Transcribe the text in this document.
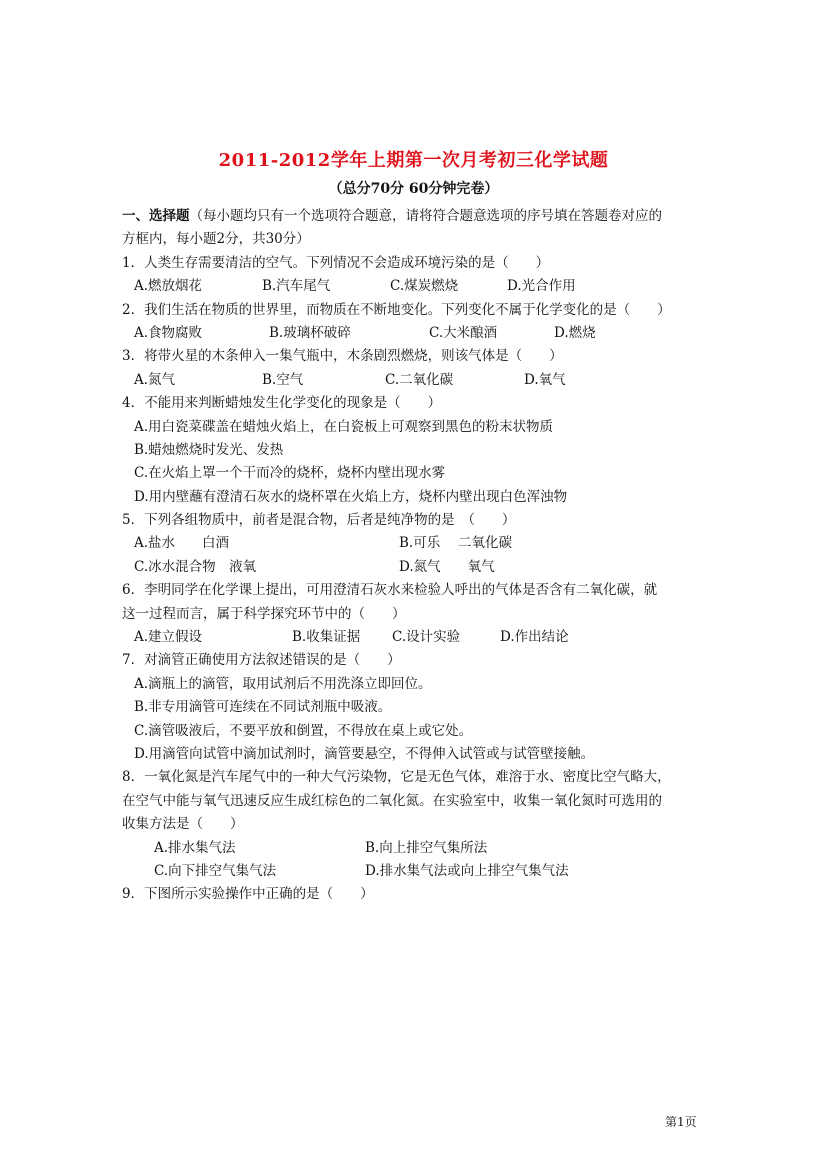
2011-2012学年上期第一次月考初三化学试题
（总分70分 60分钟完卷）
一、选择题（每小题均只有一个选项符合题意，请将符合题意选项的序号填在答题卷对应的
方框内，每小题2分，共30分）
1．人类生存需要清洁的空气。下列情况不会造成环境污染的是（　　）
A.燃放烟花	B.汽车尾气	C.煤炭燃烧	D.光合作用
2．我们生活在物质的世界里，而物质在不断地变化。下列变化不属于化学变化的是（　　）
A.食物腐败	B.玻璃杯破碎	C.大米酿酒	D.燃烧
3．将带火星的木条伸入一集气瓶中，木条剧烈燃烧，则该气体是（　　）
A.氮气	B.空气	C.二氧化碳	D.氧气
4．不能用来判断蜡烛发生化学变化的现象是（　　）
A.用白瓷菜碟盖在蜡烛火焰上，在白瓷板上可观察到黑色的粉末状物质
B.蜡烛燃烧时发光、发热
C.在火焰上罩一个干而冷的烧杯，烧杯内壁出现水雾
D.用内壁蘸有澄清石灰水的烧杯罩在火焰上方，烧杯内壁出现白色浑浊物
5．下列各组物质中，前者是混合物，后者是纯净物的是　（　　）
A.盐水　　白酒	B.可乐　 二氧化碳
C.冰水混合物　液氧	D.氮气　　氧气
6．李明同学在化学课上提出，可用澄清石灰水来检验人呼出的气体是否含有二氧化碳，就
这一过程而言，属于科学探究环节中的（　　）
A.建立假设	B.收集证据 C.设计实验	D.作出结论
7．对滴管正确使用方法叙述错误的是（　　）
A.滴瓶上的滴管，取用试剂后不用洗涤立即回位。
B.非专用滴管可连续在不同试剂瓶中吸液。
C.滴管吸液后，不要平放和倒置，不得放在桌上或它处。
D.用滴管向试管中滴加试剂时，滴管要悬空，不得伸入试管或与试管壁接触。
8．一氧化氮是汽车尾气中的一种大气污染物，它是无色气体，难溶于水、密度比空气略大，
在空气中能与氧气迅速反应生成红棕色的二氧化氮。在实验室中，收集一氧化氮时可选用的
收集方法是（　　）
A.排水集气法	B.向上排空气集所法
C.向下排空气集气法	D.排水集气法或向上排空气集气法
9．下图所示实验操作中正确的是（　　）
第1页
